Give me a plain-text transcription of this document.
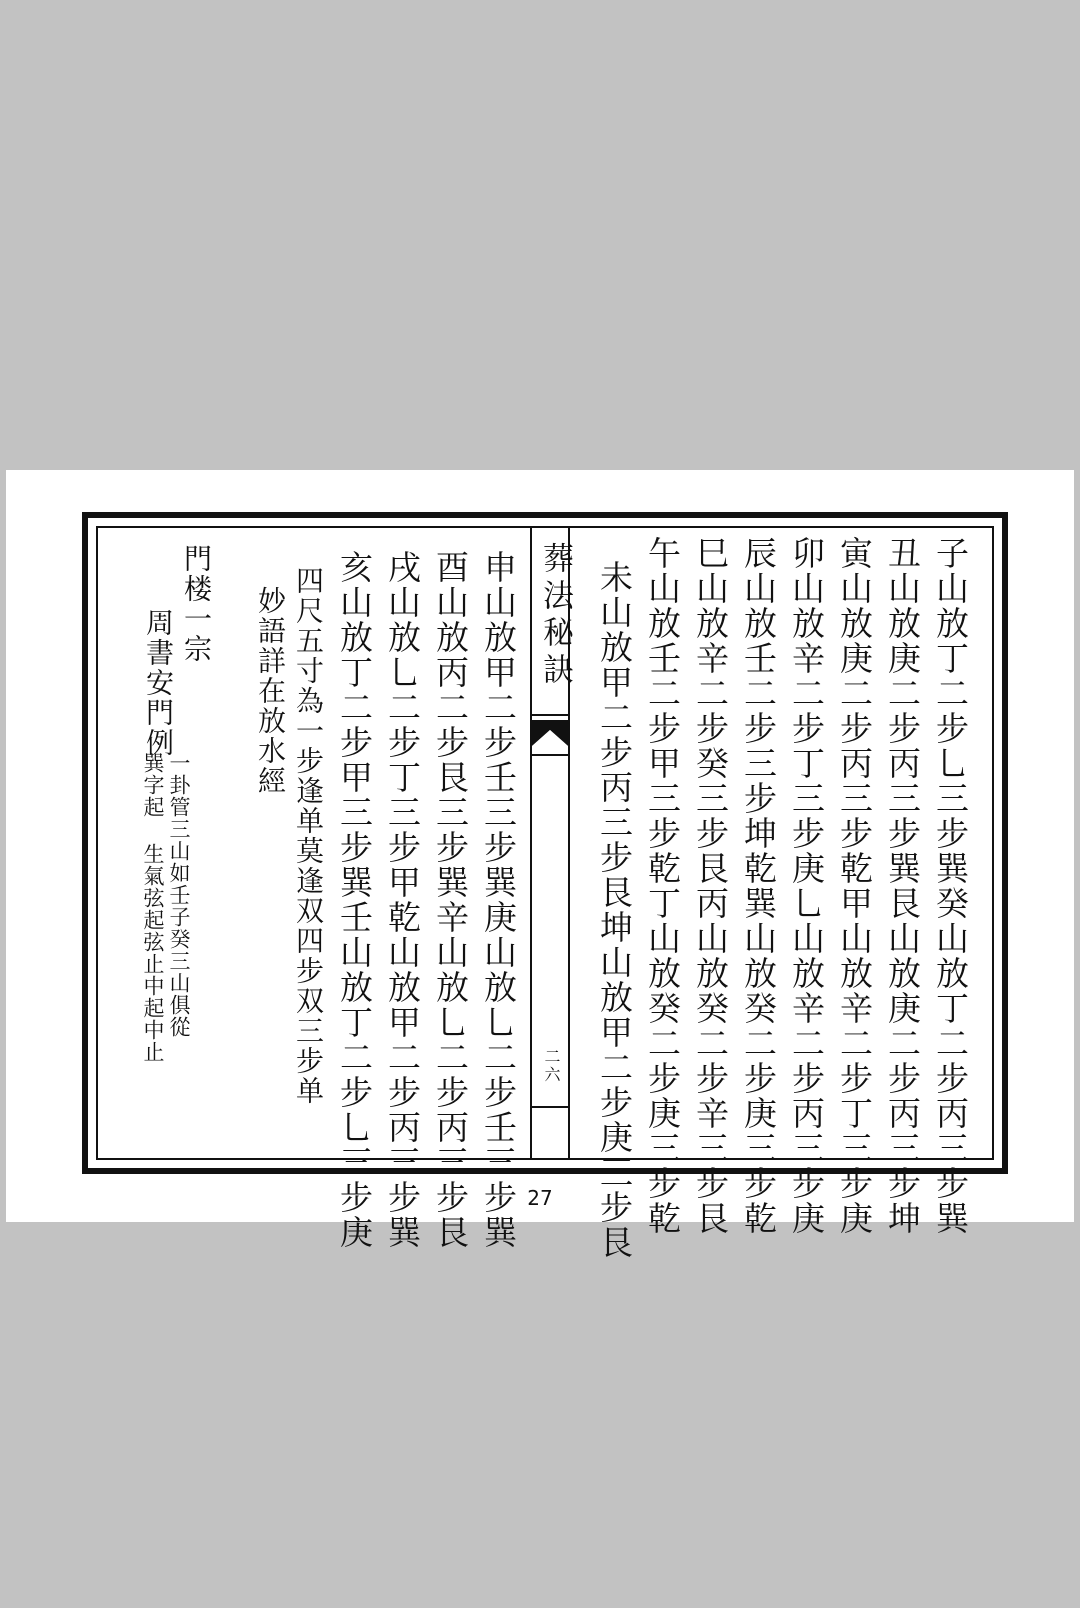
子山放丁二步乚三步巽癸山放丁二步丙三步巽
丑山放庚二步丙三步巽艮山放庚二步丙三步坤
寅山放庚二步丙三步乾甲山放辛二步丁三步庚
卯山放辛二步丁三步庚乚山放辛二步丙三步庚
辰山放壬二步三步坤乾巽山放癸二步庚三步乾
巳山放辛二步癸三步艮丙山放癸二步辛三步艮
午山放壬二步甲三步乾丁山放癸二步庚三步乾
未山放甲二步丙三步艮坤山放甲二步庚三步艮
葬法秘訣
二六
申山放甲二步壬三步巽庚山放乚二步壬三步巽
酉山放丙二步艮三步巽辛山放乚二步丙三步艮
戌山放乚二步丁三步甲乾山放甲二步丙三步巽
亥山放丁二步甲三步巽壬山放丁二步乚三步庚
四尺五寸為一步逢单莫逢双四步双三步单
妙語詳在放水經
門楼一宗
周書安門例
一卦管三山如壬子癸三山俱從
巽字起 生氣弦起弦止中起中止
27
